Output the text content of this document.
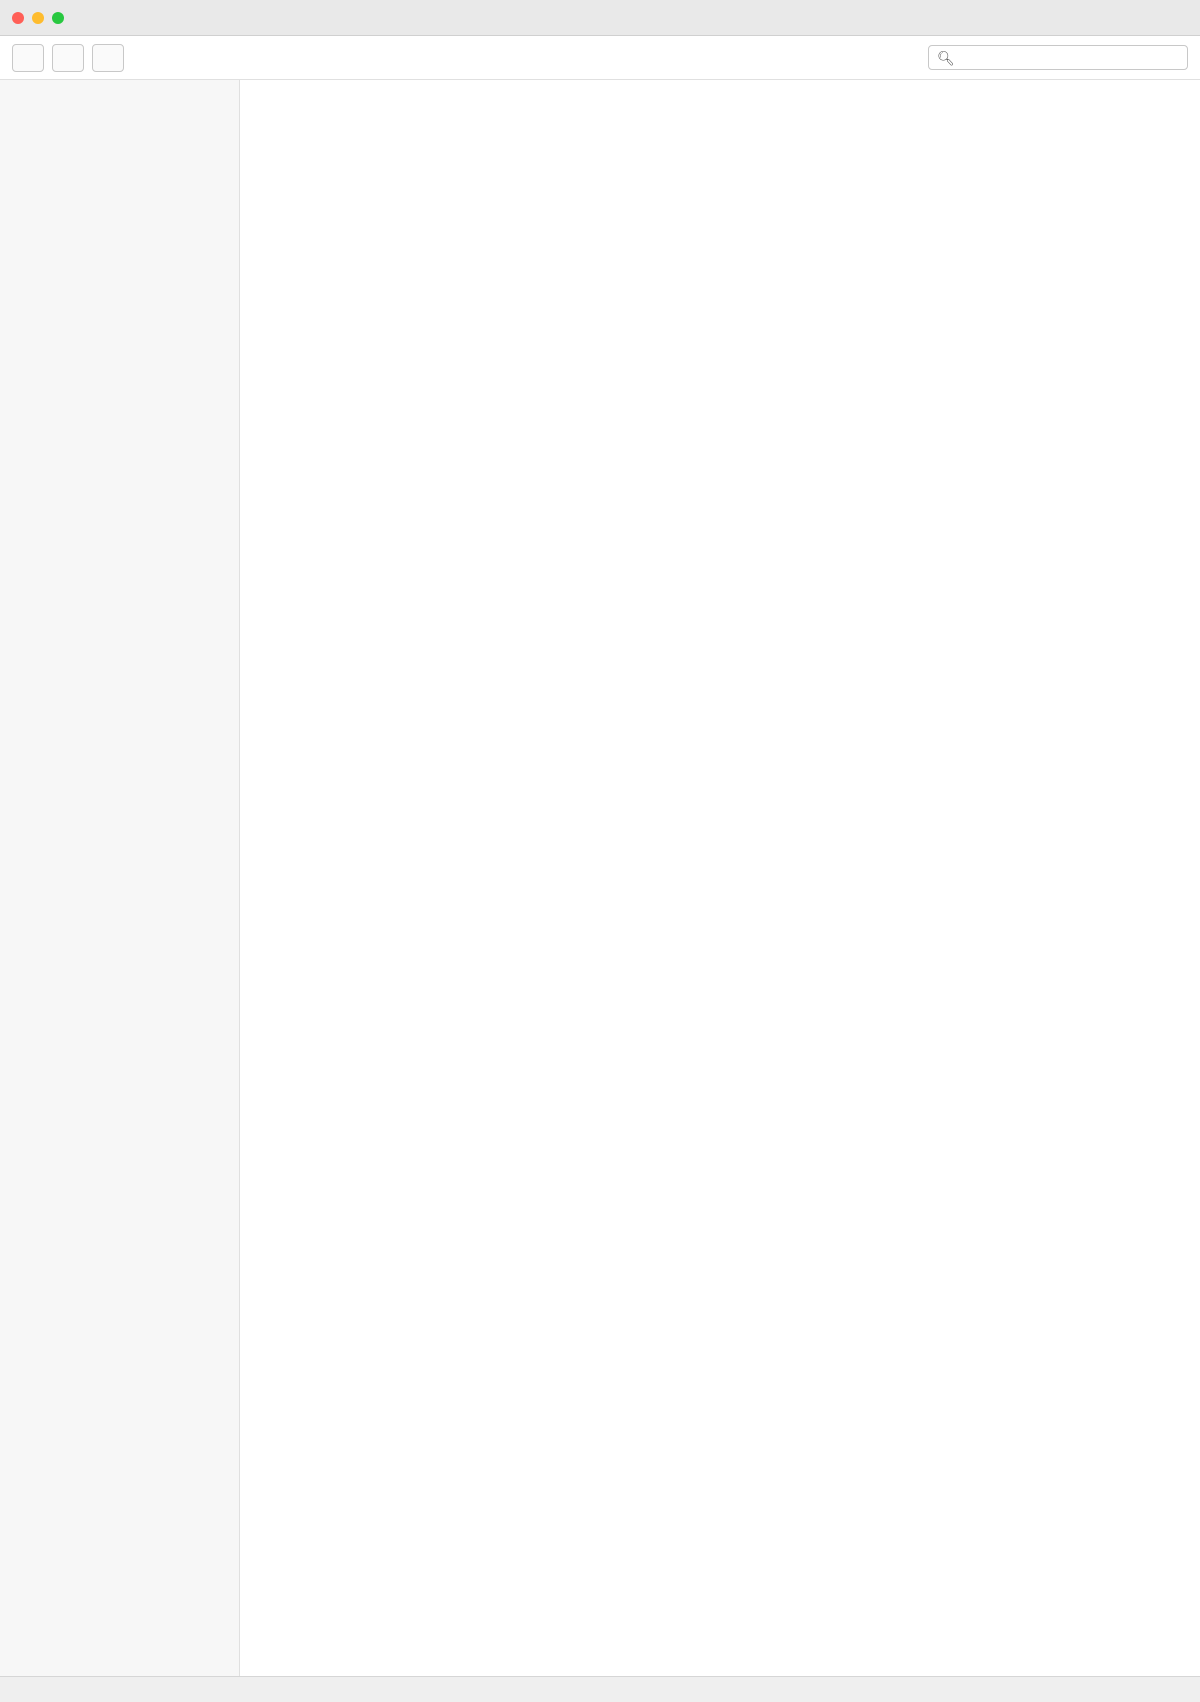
🔍︎
